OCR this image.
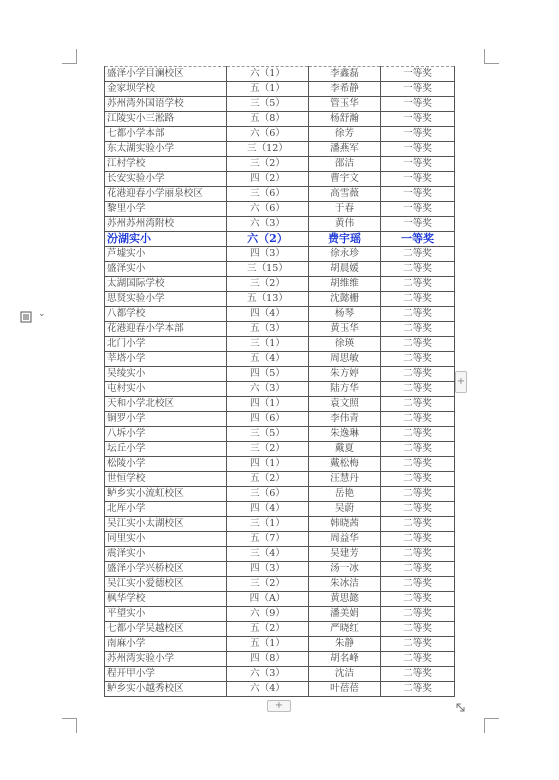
盛泽小学目澜校区	六（1）	李鑫磊	一等奖
金家坝学校	五（1）	李希静	一等奖
苏州湾外国语学校	三（5）	管玉华	一等奖
江陵实小三淞路	五（8）	杨舒瀚	一等奖
七都小学本部	六（6）	徐芳	一等奖
东太湖实验小学	三（12）	潘燕军	一等奖
江村学校	三（2）	邵洁	一等奖
长安实验小学	四（2）	曹宇文	一等奖
花港迎春小学丽泉校区	三（6）	高雪薇	一等奖
黎里小学	六（6）	于春	一等奖
苏州苏州湾附校	六（3）	黄伟	一等奖
汾湖实小	六（2）	费宇瑶	一等奖
芦墟实小	四（3）	徐永珍	二等奖
盛泽实小	三（15）	胡晨媛	二等奖
太湖国际学校	三（2）	胡维维	二等奖
思贤实验小学	五（13）	沈懿栅	二等奖
八都学校	四（4）	杨琴	二等奖
花港迎春小学本部	五（3）	黄玉华	二等奖
北门小学	三（1）	徐瑛	二等奖
莘塔小学	五（4）	周思敏	二等奖
吴绫实小	四（5）	朱方婷	二等奖
屯村实小	六（3）	陆方华	二等奖
天和小学北校区	四（1）	袁文照	二等奖
铜罗小学	四（6）	李伟青	二等奖
八坼小学	三（5）	朱逸琳	二等奖
坛丘小学	三（2）	戴夏	二等奖
松陵小学	四（1）	戴松梅	二等奖
世恒学校	五（2）	汪慧丹	二等奖
鲈乡实小流虹校区	三（6）	岳艳	二等奖
北厍小学	四（4）	吴蔚	二等奖
吴江实小太湖校区	三（1）	韩晓茜	二等奖
同里实小	五（7）	周益华	二等奖
震泽实小	三（4）	吴建芳	二等奖
盛泽小学兴桥校区	四（3）	汤一冰	二等奖
吴江实小爱德校区	三（2）	朱冰洁	二等奖
枫华学校	四（A）	黄思懿	二等奖
平望实小	六（9）	潘美娟	二等奖
七都小学吴越校区	五（2）	严晓红	二等奖
南麻小学	五（1）	朱静	二等奖
苏州湾实验小学	四（8）	胡名峰	二等奖
程开甲小学	六（3）	沈洁	二等奖
鲈乡实小越秀校区	六（4）	叶蓓蓓	二等奖
⌄
+
+
